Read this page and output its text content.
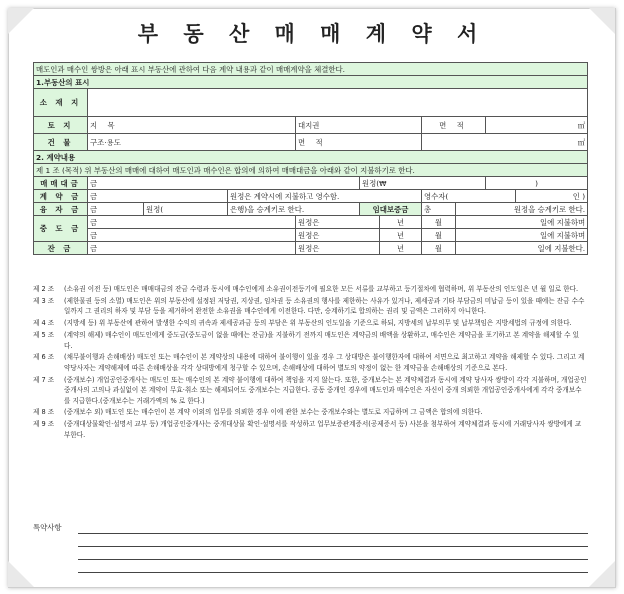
부 동 산 매 매 계 약 서
매도인과 매수인 쌍방은 아래 표시 부동산에 관하여 다음 계약 내용과 같이 매매계약을 체결한다.										
1.부동산의 표시										
소 재 지										
토 지	지 목			대지권			면 적		㎡	
건 물	구조·용도			면 적			㎡			
2. 계약내용										
제 1 조 (목적) 위 부동산의 매매에 대하여 매도인과 매수인은 합의에 의하여 매매대금을 아래와 같이 지불하기로 한다.										
매매대금	금				원정(₩				)	
계 약 금	금		원정은 계약시에 지불하고 영수함.				영수자(			인 )
융 자 금	금	원정(	은행)을 승계키로 한다.		임대보증금		총	원정을 승계키로 한다.		
중 도 금	금			원정은		년	월	일에 지불하며		
	금			원정은		년	월	일에 지불하며		
잔 금	금			원정은		년	월	일에 지불한다.		
제 2 조	(소유권 이전 등) 매도인은 매매대금의 잔금 수령과 동시에 매수인에게 소유권이전등기에 필요한 모든 서류를 교부하고 등기절차에 협력하며, 위 부동산의 인도일은 년 월 일로 한다.
제 3 조	(제한물권 등의 소멸) 매도인은 위의 부동산에 설정된 저당권, 지상권, 임차권 등 소유권의 행사를 제한하는 사유가 있거나, 제세공과 기타 부담금의 미납금 등이 있을 때에는 잔금 수수일까지 그 권리의 하자 및 부담 등을 제거하여 완전한 소유권을 매수인에게 이전한다. 다만, 승계하기로 합의하는 권리 및 금액은 그러하지 아니한다.
제 4 조	(지방세 등) 위 부동산에 관하여 발생한 수익의 귀속과 제세공과금 등의 부담은 위 부동산의 인도일을 기준으로 하되, 지방세의 납부의무 및 납부책임은 지방세법의 규정에 의한다.
제 5 조	(계약의 해제) 매수인이 매도인에게 중도금(중도금이 없을 때에는 잔금)을 지불하기 전까지 매도인은 계약금의 배액을 상환하고, 매수인은 계약금을 포기하고 본 계약을 해제할 수 있다.
제 6 조	(채무불이행과 손해배상) 매도인 또는 매수인이 본 계약상의 내용에 대하여 불이행이 있을 경우 그 상대방은 불이행한자에 대하여 서면으로 최고하고 계약을 해제할 수 있다. 그리고 계약당사자는 계약해제에 따른 손해배상을 각각 상대방에게 청구할 수 있으며, 손해배상에 대하여 별도의 약정이 없는 한 계약금을 손해배상의 기준으로 본다.
제 7 조	(중개보수) 개업공인중개사는 매도인 또는 매수인의 본 계약 불이행에 대하여 책임을 지지 않는다. 또한, 중개보수는 본 계약체결과 동시에 계약 당사자 쌍방이 각각 지불하며, 개업공인중개사의 고의나 과실없이 본 계약이 무효·취소 또는 해제되어도 중개보수는 지급한다. 공동 중개인 경우에 매도인과 매수인은 자신이 중개 의뢰한 개업공인중개사에게 각각 중개보수를 지급한다.(중개보수는 거래가액의 % 로 한다.)
제 8 조	(중개보수 외) 매도인 또는 매수인이 본 계약 이외의 업무를 의뢰한 경우 이에 관한 보수는 중개보수와는 별도로 지급하며 그 금액은 합의에 의한다.
제 9 조	(중개대상물확인·설명서 교부 등) 개업공인중개사는 중개대상물 확인·설명서를 작성하고 업무보증관계증서(공제증서 등) 사본을 첨부하여 계약체결과 동시에 거래당사자 쌍방에게 교부한다.
특약사항
